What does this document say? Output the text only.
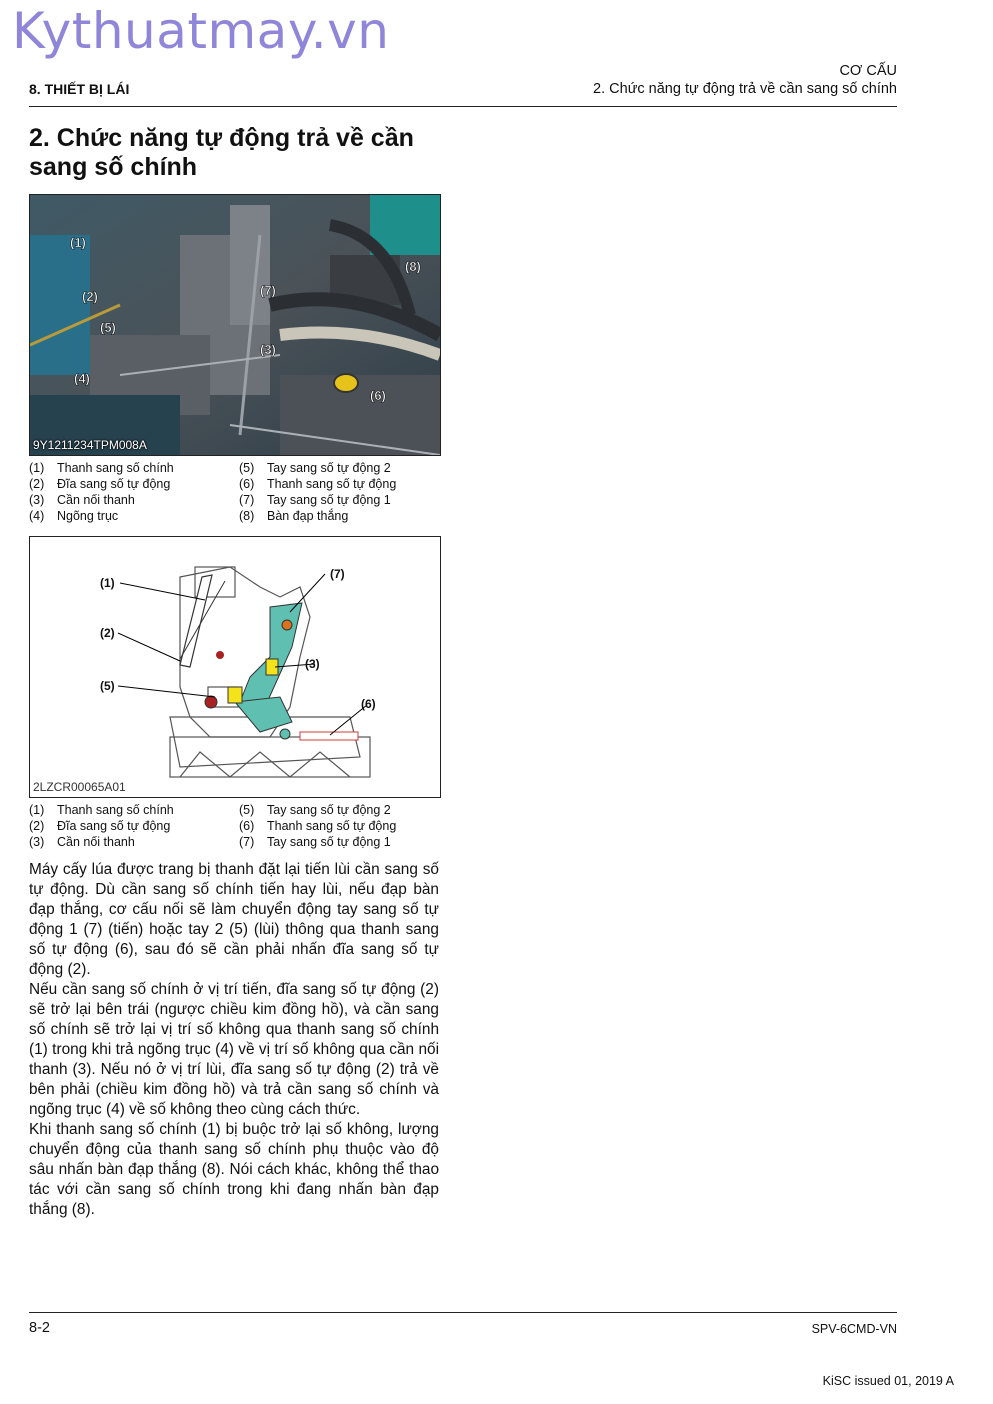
Kythuatmay.vn
8. THIẾT BỊ LÁI
CƠ CẤU
2. Chức năng tự động trả về cần sang số chính
2. Chức năng tự động trả về cần sang số chính
(1)
(2)
(3)
(4)
(5)
(6)
(7)
(8)
9Y1211234TPM008A
(1) Thanh sang số chính
(2) Đĩa sang số tự động
(3) Cần nối thanh
(4) Ngõng trục
(5) Tay sang số tự động 2
(6) Thanh sang số tự động
(7) Tay sang số tự động 1
(8) Bàn đạp thắng
(1)
(2)
(5)
(7)
(3)
(6)
2LZCR00065A01
(1) Thanh sang số chính
(2) Đĩa sang số tự động
(3) Cần nối thanh
(5) Tay sang số tự động 2
(6) Thanh sang số tự động
(7) Tay sang số tự động 1

Máy cấy lúa được trang bị thanh đặt lại tiến lùi cần sang số tự động. Dù cần sang số chính tiến hay lùi, nếu đạp bàn đạp thắng, cơ cấu nối sẽ làm chuyển động tay sang số tự động 1 (7) (tiến) hoặc tay 2 (5) (lùi) thông qua thanh sang số tự động (6), sau đó sẽ cần phải nhấn đĩa sang số tự động (2).

Nếu cần sang số chính ở vị trí tiến, đĩa sang số tự động (2) sẽ trở lại bên trái (ngược chiều kim đồng hồ), và cần sang số chính sẽ trở lại vị trí số không qua thanh sang số chính (1) trong khi trả ngõng trục (4) về vị trí số không qua cần nối thanh (3). Nếu nó ở vị trí lùi, đĩa sang số tự động (2) trả về bên phải (chiều kim đồng hồ) và trả cần sang số chính và ngõng trục (4) về số không theo cùng cách thức.

Khi thanh sang số chính (1) bị buộc trở lại số không, lượng chuyển động của thanh sang số chính phụ thuộc vào độ sâu nhấn bàn đạp thắng (8). Nói cách khác, không thể thao tác với cần sang số chính trong khi đang nhấn bàn đạp thắng (8).

8-2	SPV-6CMD-VN
KiSC issued 01, 2019 A
